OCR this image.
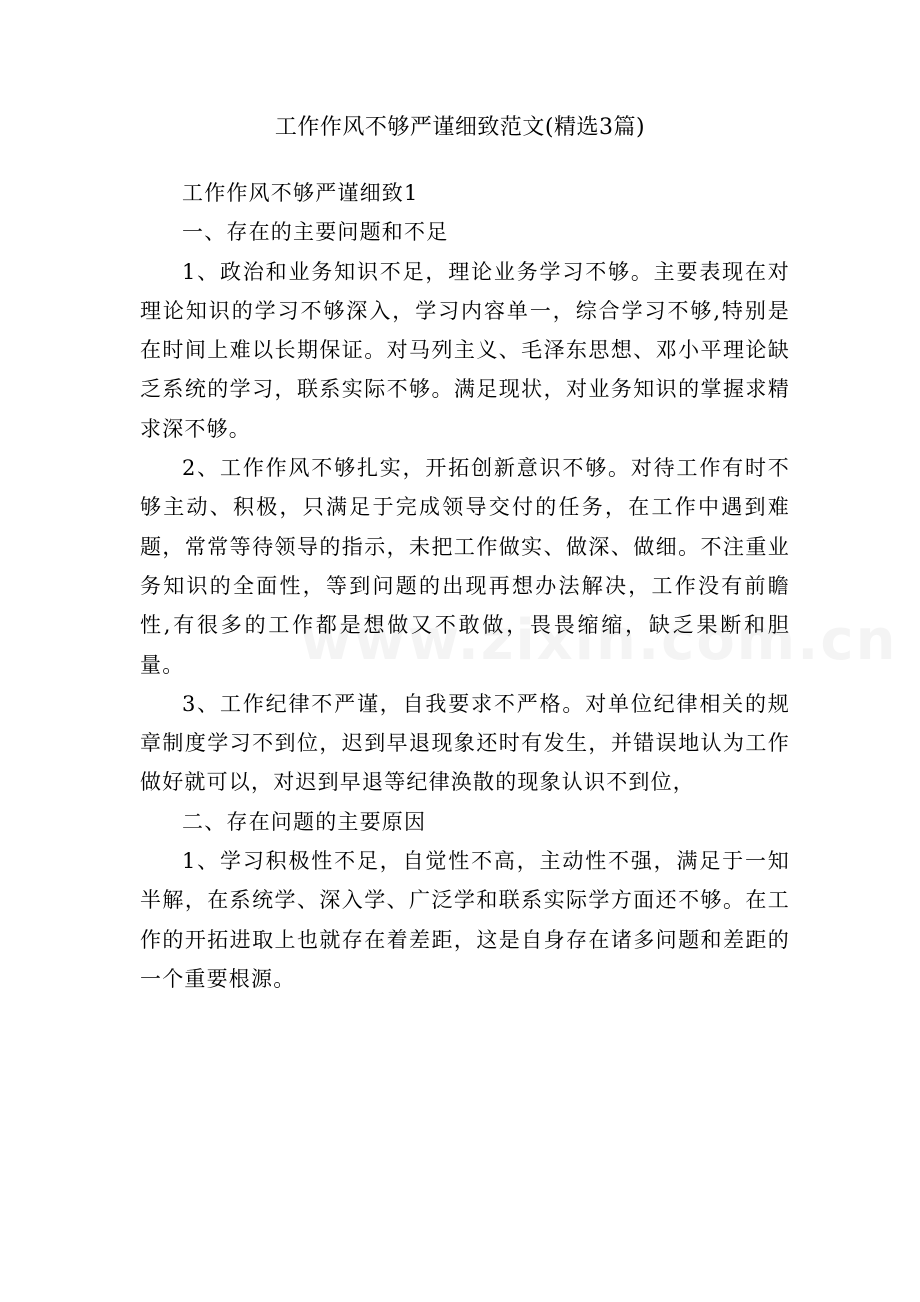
工作作风不够严谨细致范文(精选3篇)

工作作风不够严谨细致1

一、存在的主要问题和不足

1、政治和业务知识不足，理论业务学习不够。主要表现在对理论知识的学习不够深入，学习内容单一，综合学习不够,特别是在时间上难以长期保证。对马列主义、毛泽东思想、邓小平理论缺乏系统的学习，联系实际不够。满足现状，对业务知识的掌握求精求深不够。

2、工作作风不够扎实，开拓创新意识不够。对待工作有时不够主动、积极，只满足于完成领导交付的任务，在工作中遇到难题，常常等待领导的指示，未把工作做实、做深、做细。不注重业务知识的全面性，等到问题的出现再想办法解决，工作没有前瞻性,有很多的工作都是想做又不敢做，畏畏缩缩，缺乏果断和胆量。

3、工作纪律不严谨，自我要求不严格。对单位纪律相关的规章制度学习不到位，迟到早退现象还时有发生，并错误地认为工作做好就可以，对迟到早退等纪律涣散的现象认识不到位，

二、存在问题的主要原因

1、学习积极性不足，自觉性不高，主动性不强，满足于一知半解，在系统学、深入学、广泛学和联系实际学方面还不够。在工作的开拓进取上也就存在着差距，这是自身存在诸多问题和差距的一个重要根源。
